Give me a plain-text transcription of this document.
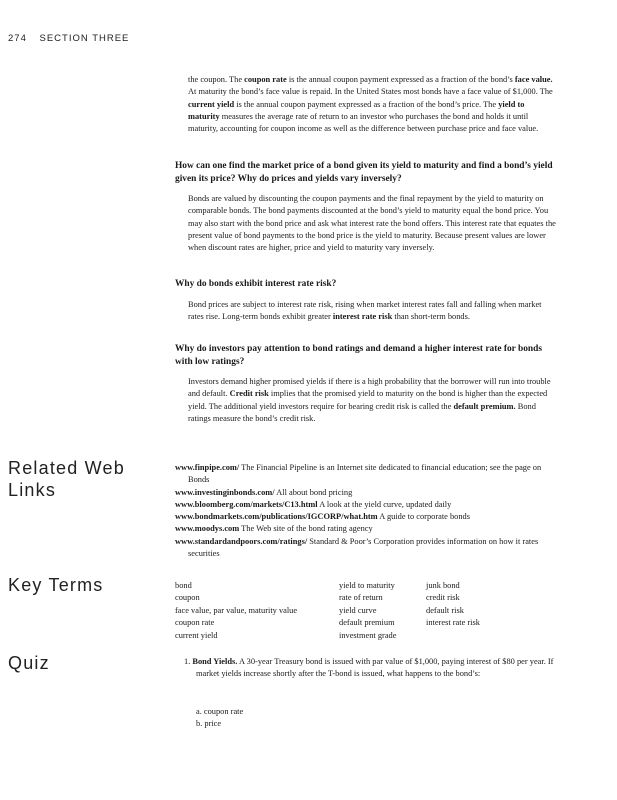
274 SECTION THREE

the coupon. The coupon rate is the annual coupon payment expressed as a fraction of the bond’s face value. At maturity the bond’s face value is repaid. In the United States most bonds have a face value of $1,000. The current yield is the annual coupon payment expressed as a fraction of the bond’s price. The yield to maturity measures the average rate of return to an investor who purchases the bond and holds it until maturity, accounting for coupon income as well as the difference between purchase price and face value.

How can one find the market price of a bond given its yield to maturity and find a bond’s yield given its price? Why do prices and yields vary inversely?

Bonds are valued by discounting the coupon payments and the final repayment by the yield to maturity on comparable bonds. The bond payments discounted at the bond’s yield to maturity equal the bond price. You may also start with the bond price and ask what interest rate the bond offers. This interest rate that equates the present value of bond payments to the bond price is the yield to maturity. Because present values are lower when discount rates are higher, price and yield to maturity vary inversely.

Why do bonds exhibit interest rate risk?

Bond prices are subject to interest rate risk, rising when market interest rates fall and falling when market rates rise. Long-term bonds exhibit greater interest rate risk than short-term bonds.

Why do investors pay attention to bond ratings and demand a higher interest rate for bonds with low ratings?

Investors demand higher promised yields if there is a high probability that the borrower will run into trouble and default. Credit risk implies that the promised yield to maturity on the bond is higher than the expected yield. The additional yield investors require for bearing credit risk is called the default premium. Bond ratings measure the bond’s credit risk.

Related Web
Links
www.finpipe.com/ The Financial Pipeline is an Internet site dedicated to financial education; see the page on Bonds
www.investinginbonds.com/ All about bond pricing
www.bloomberg.com/markets/C13.html A look at the yield curve, updated daily
www.bondmarkets.com/publications/IGCORP/what.htm A guide to corporate bonds
www.moodys.com The Web site of the bond rating agency
www.standardandpoors.com/ratings/ Standard & Poor’s Corporation provides information on how it rates securities
Key Terms	bond
coupon
face value, par value, maturity value
coupon rate
current yield
yield to maturity
rate of return
yield curve
default premium
investment grade
junk bond
credit risk
default risk
interest rate risk
Quiz	1. Bond Yields. A 30-year Treasury bond is issued with par value of $1,000, paying interest of $80 per year. If market yields increase shortly after the T-bond is issued, what happens to the bond’s:
a. coupon rate
b. price
